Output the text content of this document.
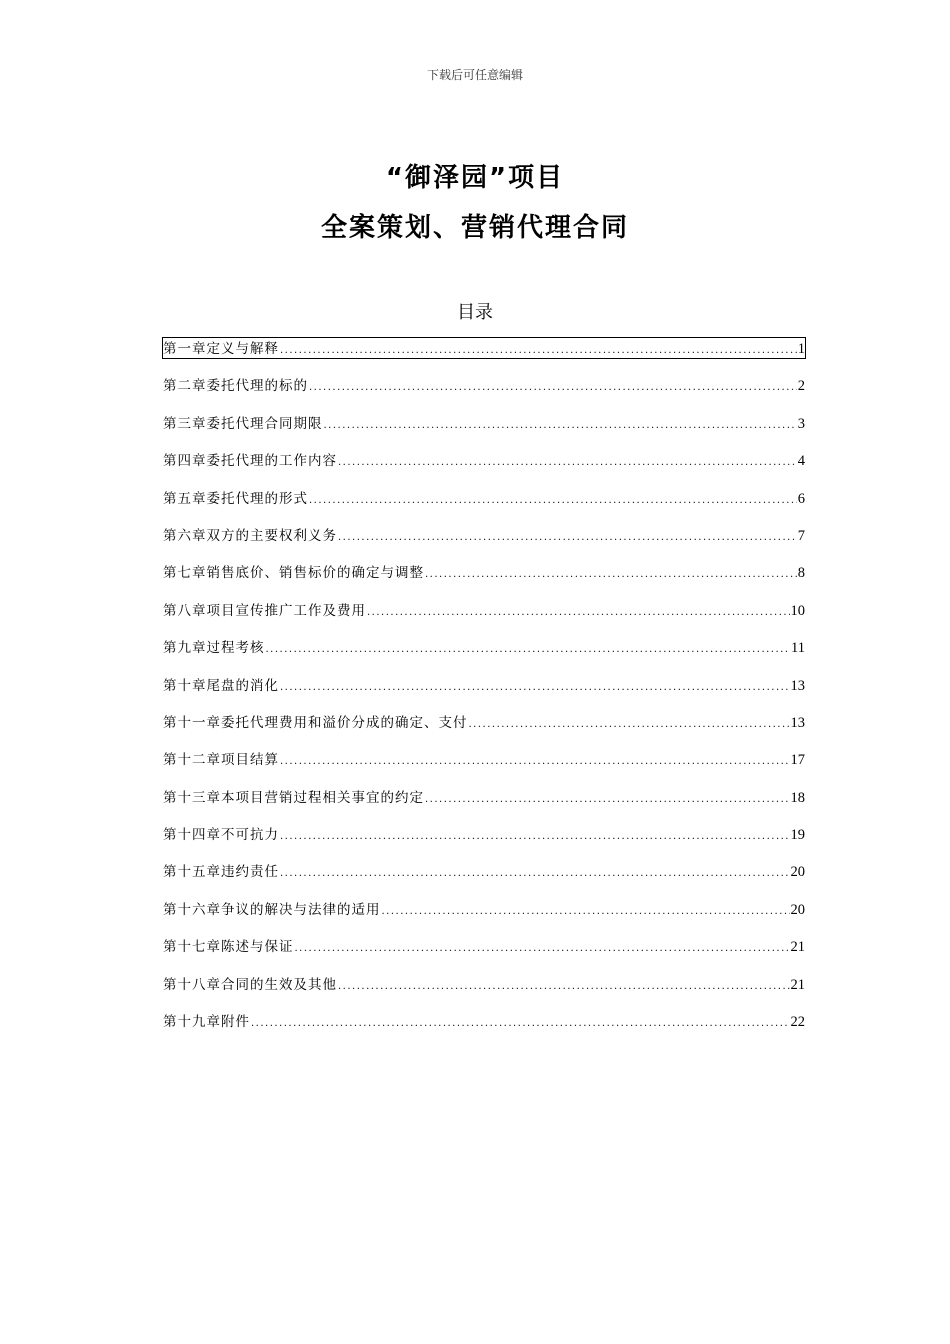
下载后可任意编辑
“御泽园”项目
全案策划、营销代理合同
目录
第一章 定义与解释 .....	1
第二章 委托代理的标的 .....	2
第三章 委托代理合同期限 .....	3
第四章 委托代理的工作内容 .....	4
第五章 委托代理的形式 .....	6
第六章 双方的主要权利义务 .....	7
第七章 销售底价、销售标价的确定与调整 .....	8
第八章 项目宣传推广工作及费用 .....	10
第九章 过程考核 .....	11
第十章 尾盘的消化 .....	13
第十一章 委托代理费用和溢价分成的确定、支付 .....	13
第十二章 项目结算 .....	17
第十三章 本项目营销过程相关事宜的约定 .....	18
第十四章 不可抗力 .....	19
第十五章 违约责任 .....	20
第十六章 争议的解决与法律的适用 .....	20
第十七章 陈述与保证 .....	21
第十八章 合同的生效及其他 .....	21
第十九章 附件 .....	22
